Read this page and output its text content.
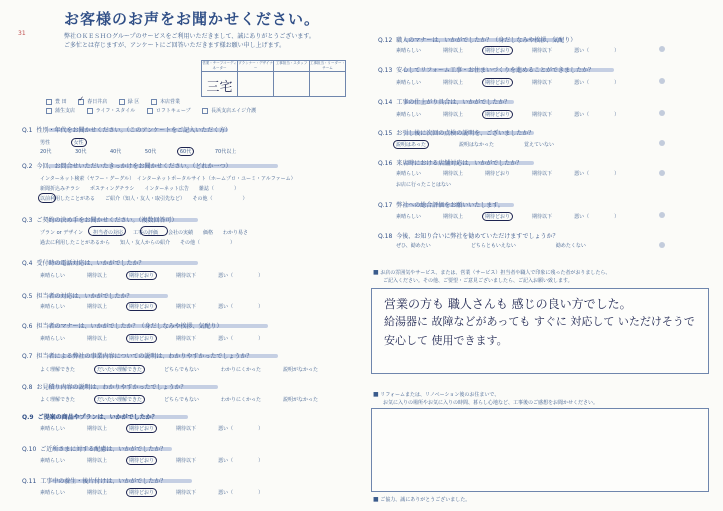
お客様のお声をお聞かせください。
31	弊社ＯＫＥＳＨＯグループのサービスをご利用いただきまして、誠にありがとうございます。
ご多忙とは存じますが、アンケートにご回答いただきます様お願い申し上げます。
営業・チーフコーディネーター	プランナー・デザイナー	工事担当・スタッフ	工事担当・リーダー・チーム

三宅			

豊 田 ✓	春日井店	緑 区	本店営業
蒲生支店	ライフ・スタイル	ロフトキューブ	長浜支店エイジ介護
Q.1 性別・年代をお聞かせください。（このアンケートをご記入いただく方）
男性	女性
20代	30代	40代	50代	60代	70代以上
Q.2 今回、お問合せいただいたきっかけをお聞かせください。（どれか一つ）
インターネット検索（ヤフー・グーグル）　インターネットポータルサイト（ホームプロ・ユーミ・アルファーム）
新聞折込みチラシ　　ポスティングチラシ　　インターネット広告　　雑誌（　　　　）
以前利用したことがある　　ご紹介（知人・友人・取引先など）　　その他（　　　　　　）
Q.3 ご契約の決め手をお聞かせください。（複数回答可）
プラン or デザイン　　担当者の対応　　工事の評価　　会社の実績　　価格　　わかり易さ
過去に利用したことがあるから　　知人・友人からの紹介　　その他（　　　　　　）
Q.4 受付時の電話対応は、いかがでしたか？
素晴らしい	期待以上	期待どおり	期待以下	悪い（　　　　　）
Q.5 担当者の対応は、いかがでしたか？
素晴らしい	期待以上	期待どおり	期待以下	悪い（　　　　　）
Q.6 担当者のマナーは、いかがでしたか？（身だしなみや挨拶、気配り）
素晴らしい	期待以上	期待どおり	期待以下	悪い（　　　　　）
Q.7 担当者による弊社の事業内容についての説明は、わかりやすかったでしょうか？
よく理解できた	だいたい理解できた	どちらでもない	わかりにくかった	説明がなかった
Q.8 お見積り内容の説明は、わかりやすかったでしょうか？
よく理解できた	だいたい理解できた	どちらでもない	わかりにくかった	説明がなかった
Q.9 ご提案の商品やプランは、いかがでしたか？
素晴らしい	期待以上	期待どおり	期待以下	悪い（　　　　　）
Q.10 ご近所さまに対する配慮は、いかがでしたか？
素晴らしい	期待以上	期待どおり	期待以下	悪い（　　　　　）
Q.11 工事中の養生・後片付けは、いかがでしたか？
素晴らしい	期待以上	期待どおり	期待以下	悪い（　　　　　）
Q.12 職人のマナーは、いかがでしたか？（身だしなみや挨拶、気配り）
素晴らしい	期待以上	期待どおり	期待以下	悪い（　　　　　）
Q.13 安心してリフォーム工事・お住まいづくりを進めることができましたか？
素晴らしい	期待以上	期待どおり	期待以下	悪い（　　　　　）
Q.14 工事の仕上がり具合は、いかがでしたか？
素晴らしい	期待以上	期待どおり	期待以下	悪い（　　　　　）
Q.15 お引し後に次回の点検の説明を、ございましたか？
説明はあった	説明はなかった	覚えていない
Q.16 来店時における店舗対応は、いかがでしたか？
素晴らしい	期待以上	期待どおり	期待以下	悪い（　　　　　）
お店に行ったことはない
Q.17 弊社への総合評価をお願いいたします。
素晴らしい	期待以上	期待どおり	期待以下	悪い（　　　　　）
Q.18 今後、お知り合いに弊社を勧めていただけますでしょうか？
ぜひ、勧めたい	どちらともいえない	勧めたくない
■ お店の雰囲気やサービス、または、営業（サービス）担当者や職人で印象に残った者がおりましたら、
ご記入ください。その他、ご要望・ご意見ございましたら、ご記入お願い致します。
営業の方も 職人さんも 感じの良い方でした。
給湯器に 故障などがあっても すぐに 対応して いただけそうで
安心して 使用できます。
■ リフォームまたは、リノベーション後のお住まいで、
お気に入りの場所やお気に入りの時間、暮らし心地など、工事後のご感想をお聞かせください。
■ ご協力、誠にありがとうございました。
